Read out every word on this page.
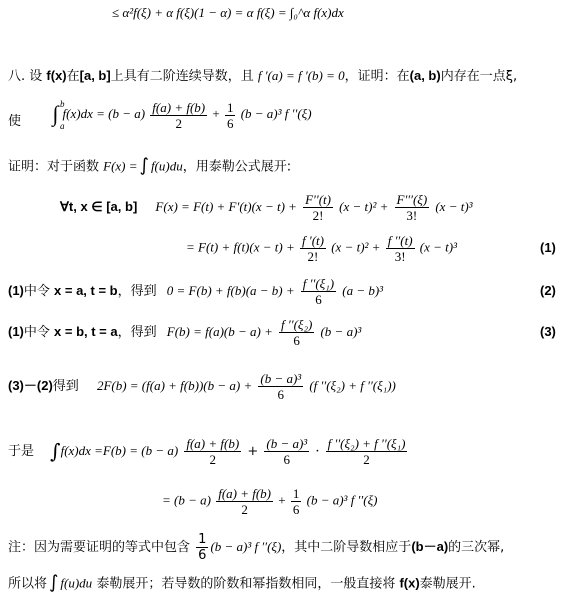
≤ α²f(ξ) + α f(ξ)(1 − α) = α f(ξ) = ∫₀^α f(x)dx
八. 设 f(x)在[a, b]上具有二阶连续导数，且 f ′(a) = f ′(b) = 0，证明：在(a, b)内存在一点ξ,
使
b
a
∫ $f(x)dx = (b - a) \frac{f(a) + f(b)}{2} + \frac{1}{6} (b - a)^3$ f ′′(ξ)
证明：对于函数 F(x) = ∫ f(u)du，用泰勒公式展开:
∀t, x ∈ [a, b] $F(x) = F(t) + F'(t)(x - t) + \frac{F''(t)}{2!} (x - t)^2 + \frac{F'''(\xi)}{3!} (x - t)^3$
= $F(t) + f(t)(x - t) + \frac{f '(t)}{2!} (x - t)^2 + \frac{f ''(t)}{3!} (x - t)^3$	(1)
(1)中令 x = a, t = b，得到 $0 = F(b) + f(b)(a - b) + \frac{\text{f ′′(ξ₁)}}{6} (a - b)^3$	(2)
(1)中令 x = b, t = a，得到 $F(b) = f(a)(b - a) + \frac{\text{f ′′(ξ₂)}}{6} (b - a)^3$	(3)
(3)－(2)得到 $2F(b) = (f(a) + f(b))(b - a) + \frac{\text{(b − a)³}}{6} (f$ ′′(ξ₂) + f ′′(ξ₁))
于是 $\int f(x)dx =F(b) = (b - a) \frac{f(a) + f(b)}{2} + \frac{\text{(b − a)³}}{6} \cdot \frac{\text{f ′′(ξ₂) + f ′′(ξ₁)}}{2}$
= $(b - a) \frac{f(a) + f(b)}{2} + \frac{1}{6} (b - a)^3$ f ′′(ξ)
注：因为需要证明的等式中包含 $\frac{1}{6} (b - a)^3$ f ′′(ξ)，其中二阶导数相应于(b－a)的三次幂,
所以将 ∫ f(u)du 泰勒展开；若导数的阶数和幂指数相同，一般直接将 f(x)泰勒展开.
